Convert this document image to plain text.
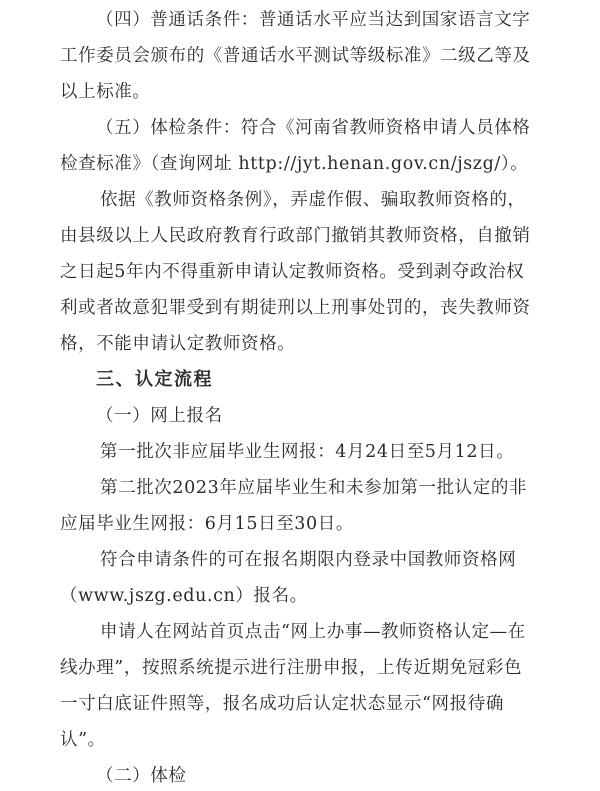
（四）普通话条件：普通话水平应当达到国家语言文字
工作委员会颁布的《普通话水平测试等级标准》二级乙等及
以上标准。
（五）体检条件：符合《河南省教师资格申请人员体格
检查标准》（查询网址 http://jyt.henan.gov.cn/jszg/）。
依据《教师资格条例》，弄虚作假、骗取教师资格的，
由县级以上人民政府教育行政部门撤销其教师资格，自撤销
之日起5年内不得重新申请认定教师资格。受到剥夺政治权
利或者故意犯罪受到有期徒刑以上刑事处罚的，丧失教师资
格，不能申请认定教师资格。
三、认定流程
（一）网上报名
第一批次非应届毕业生网报：4月24日至5月12日。
第二批次2023年应届毕业生和未参加第一批认定的非
应届毕业生网报：6月15日至30日。
符合申请条件的可在报名期限内登录中国教师资格网
（www.jszg.edu.cn）报名。
申请人在网站首页点击“网上办事—教师资格认定—在
线办理”，按照系统提示进行注册申报，上传近期免冠彩色
一寸白底证件照等，报名成功后认定状态显示“网报待确
认”。
（二）体检
